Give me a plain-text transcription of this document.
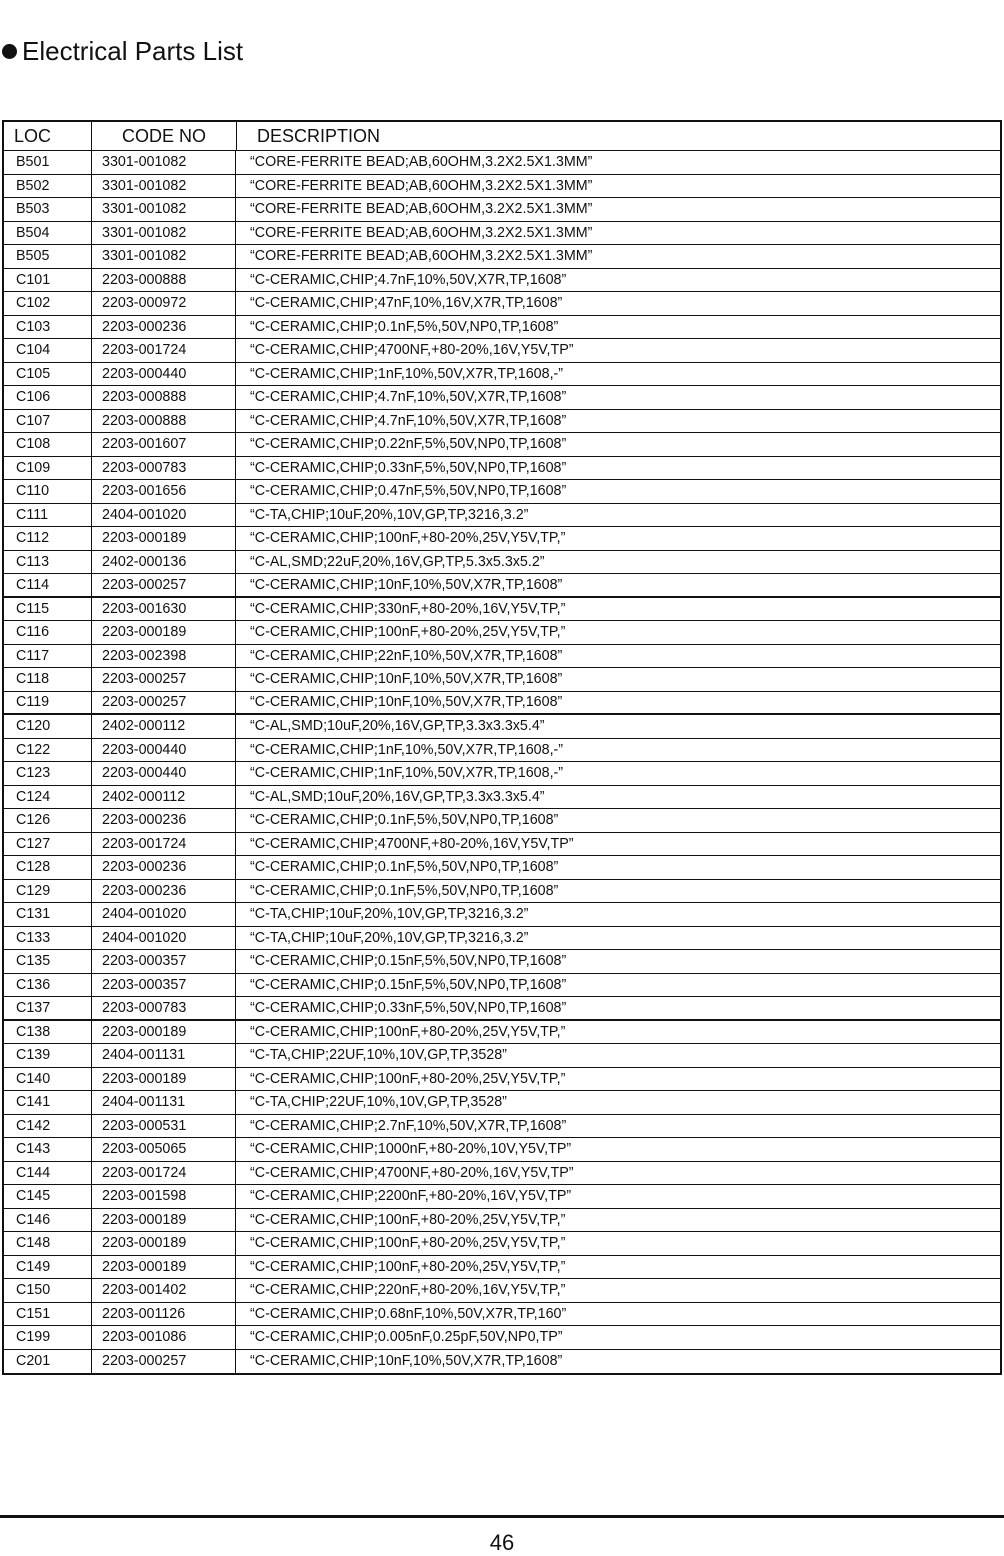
Electrical Parts List
LOC	CODE NO	DESCRIPTION
B501	3301-001082	“CORE-FERRITE BEAD;AB,60OHM,3.2X2.5X1.3MM”
B502	3301-001082	“CORE-FERRITE BEAD;AB,60OHM,3.2X2.5X1.3MM”
B503	3301-001082	“CORE-FERRITE BEAD;AB,60OHM,3.2X2.5X1.3MM”
B504	3301-001082	“CORE-FERRITE BEAD;AB,60OHM,3.2X2.5X1.3MM”
B505	3301-001082	“CORE-FERRITE BEAD;AB,60OHM,3.2X2.5X1.3MM”
C101	2203-000888	“C-CERAMIC,CHIP;4.7nF,10%,50V,X7R,TP,1608”
C102	2203-000972	“C-CERAMIC,CHIP;47nF,10%,16V,X7R,TP,1608”
C103	2203-000236	“C-CERAMIC,CHIP;0.1nF,5%,50V,NP0,TP,1608”
C104	2203-001724	“C-CERAMIC,CHIP;4700NF,+80-20%,16V,Y5V,TP”
C105	2203-000440	“C-CERAMIC,CHIP;1nF,10%,50V,X7R,TP,1608,-”
C106	2203-000888	“C-CERAMIC,CHIP;4.7nF,10%,50V,X7R,TP,1608”
C107	2203-000888	“C-CERAMIC,CHIP;4.7nF,10%,50V,X7R,TP,1608”
C108	2203-001607	“C-CERAMIC,CHIP;0.22nF,5%,50V,NP0,TP,1608”
C109	2203-000783	“C-CERAMIC,CHIP;0.33nF,5%,50V,NP0,TP,1608”
C110	2203-001656	“C-CERAMIC,CHIP;0.47nF,5%,50V,NP0,TP,1608”
C111	2404-001020	“C-TA,CHIP;10uF,20%,10V,GP,TP,3216,3.2”
C112	2203-000189	“C-CERAMIC,CHIP;100nF,+80-20%,25V,Y5V,TP,”
C113	2402-000136	“C-AL,SMD;22uF,20%,16V,GP,TP,5.3x5.3x5.2”
C114	2203-000257	“C-CERAMIC,CHIP;10nF,10%,50V,X7R,TP,1608”
C115	2203-001630	“C-CERAMIC,CHIP;330nF,+80-20%,16V,Y5V,TP,”
C116	2203-000189	“C-CERAMIC,CHIP;100nF,+80-20%,25V,Y5V,TP,”
C117	2203-002398	“C-CERAMIC,CHIP;22nF,10%,50V,X7R,TP,1608”
C118	2203-000257	“C-CERAMIC,CHIP;10nF,10%,50V,X7R,TP,1608”
C119	2203-000257	“C-CERAMIC,CHIP;10nF,10%,50V,X7R,TP,1608”
C120	2402-000112	“C-AL,SMD;10uF,20%,16V,GP,TP,3.3x3.3x5.4”
C122	2203-000440	“C-CERAMIC,CHIP;1nF,10%,50V,X7R,TP,1608,-”
C123	2203-000440	“C-CERAMIC,CHIP;1nF,10%,50V,X7R,TP,1608,-”
C124	2402-000112	“C-AL,SMD;10uF,20%,16V,GP,TP,3.3x3.3x5.4”
C126	2203-000236	“C-CERAMIC,CHIP;0.1nF,5%,50V,NP0,TP,1608”
C127	2203-001724	“C-CERAMIC,CHIP;4700NF,+80-20%,16V,Y5V,TP”
C128	2203-000236	“C-CERAMIC,CHIP;0.1nF,5%,50V,NP0,TP,1608”
C129	2203-000236	“C-CERAMIC,CHIP;0.1nF,5%,50V,NP0,TP,1608”
C131	2404-001020	“C-TA,CHIP;10uF,20%,10V,GP,TP,3216,3.2”
C133	2404-001020	“C-TA,CHIP;10uF,20%,10V,GP,TP,3216,3.2”
C135	2203-000357	“C-CERAMIC,CHIP;0.15nF,5%,50V,NP0,TP,1608”
C136	2203-000357	“C-CERAMIC,CHIP;0.15nF,5%,50V,NP0,TP,1608”
C137	2203-000783	“C-CERAMIC,CHIP;0.33nF,5%,50V,NP0,TP,1608”
C138	2203-000189	“C-CERAMIC,CHIP;100nF,+80-20%,25V,Y5V,TP,”
C139	2404-001131	“C-TA,CHIP;22UF,10%,10V,GP,TP,3528”
C140	2203-000189	“C-CERAMIC,CHIP;100nF,+80-20%,25V,Y5V,TP,”
C141	2404-001131	“C-TA,CHIP;22UF,10%,10V,GP,TP,3528”
C142	2203-000531	“C-CERAMIC,CHIP;2.7nF,10%,50V,X7R,TP,1608”
C143	2203-005065	“C-CERAMIC,CHIP;1000nF,+80-20%,10V,Y5V,TP”
C144	2203-001724	“C-CERAMIC,CHIP;4700NF,+80-20%,16V,Y5V,TP”
C145	2203-001598	“C-CERAMIC,CHIP;2200nF,+80-20%,16V,Y5V,TP”
C146	2203-000189	“C-CERAMIC,CHIP;100nF,+80-20%,25V,Y5V,TP,”
C148	2203-000189	“C-CERAMIC,CHIP;100nF,+80-20%,25V,Y5V,TP,”
C149	2203-000189	“C-CERAMIC,CHIP;100nF,+80-20%,25V,Y5V,TP,”
C150	2203-001402	“C-CERAMIC,CHIP;220nF,+80-20%,16V,Y5V,TP,”
C151	2203-001126	“C-CERAMIC,CHIP;0.68nF,10%,50V,X7R,TP,160”
C199	2203-001086	“C-CERAMIC,CHIP;0.005nF,0.25pF,50V,NP0,TP”
C201	2203-000257	“C-CERAMIC,CHIP;10nF,10%,50V,X7R,TP,1608”
46
